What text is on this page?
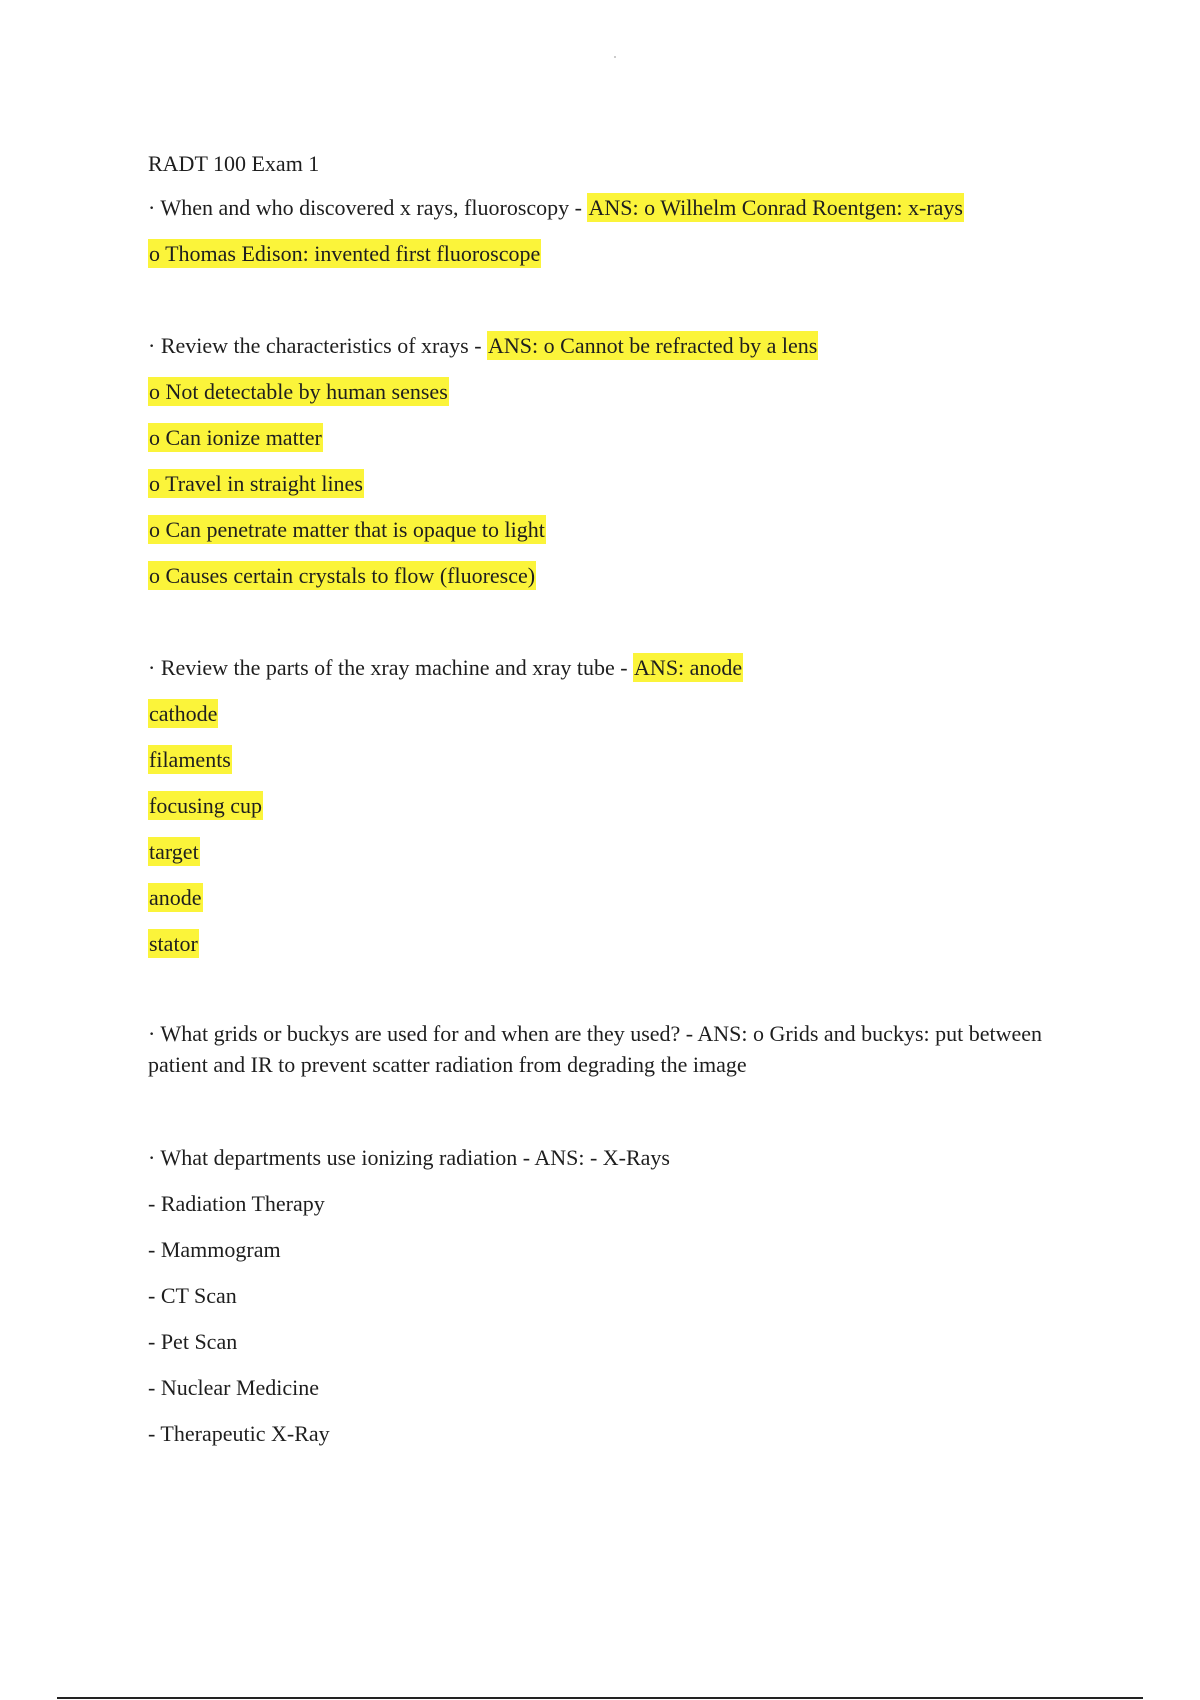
RADT 100 Exam 1
· When and who discovered x rays, fluoroscopy - ANS: o Wilhelm Conrad Roentgen: x-rays
o Thomas Edison: invented first fluoroscope
· Review the characteristics of xrays - ANS: o Cannot be refracted by a lens
o Not detectable by human senses
o Can ionize matter
o Travel in straight lines
o Can penetrate matter that is opaque to light
o Causes certain crystals to flow (fluoresce)
· Review the parts of the xray machine and xray tube - ANS: anode
cathode
filaments
focusing cup
target
anode
stator
· What grids or buckys are used for and when are they used? - ANS: o Grids and buckys: put between patient and IR to prevent scatter radiation from degrading the image
· What departments use ionizing radiation - ANS: - X-Rays
- Radiation Therapy
- Mammogram
- CT Scan
- Pet Scan
- Nuclear Medicine
- Therapeutic X-Ray
